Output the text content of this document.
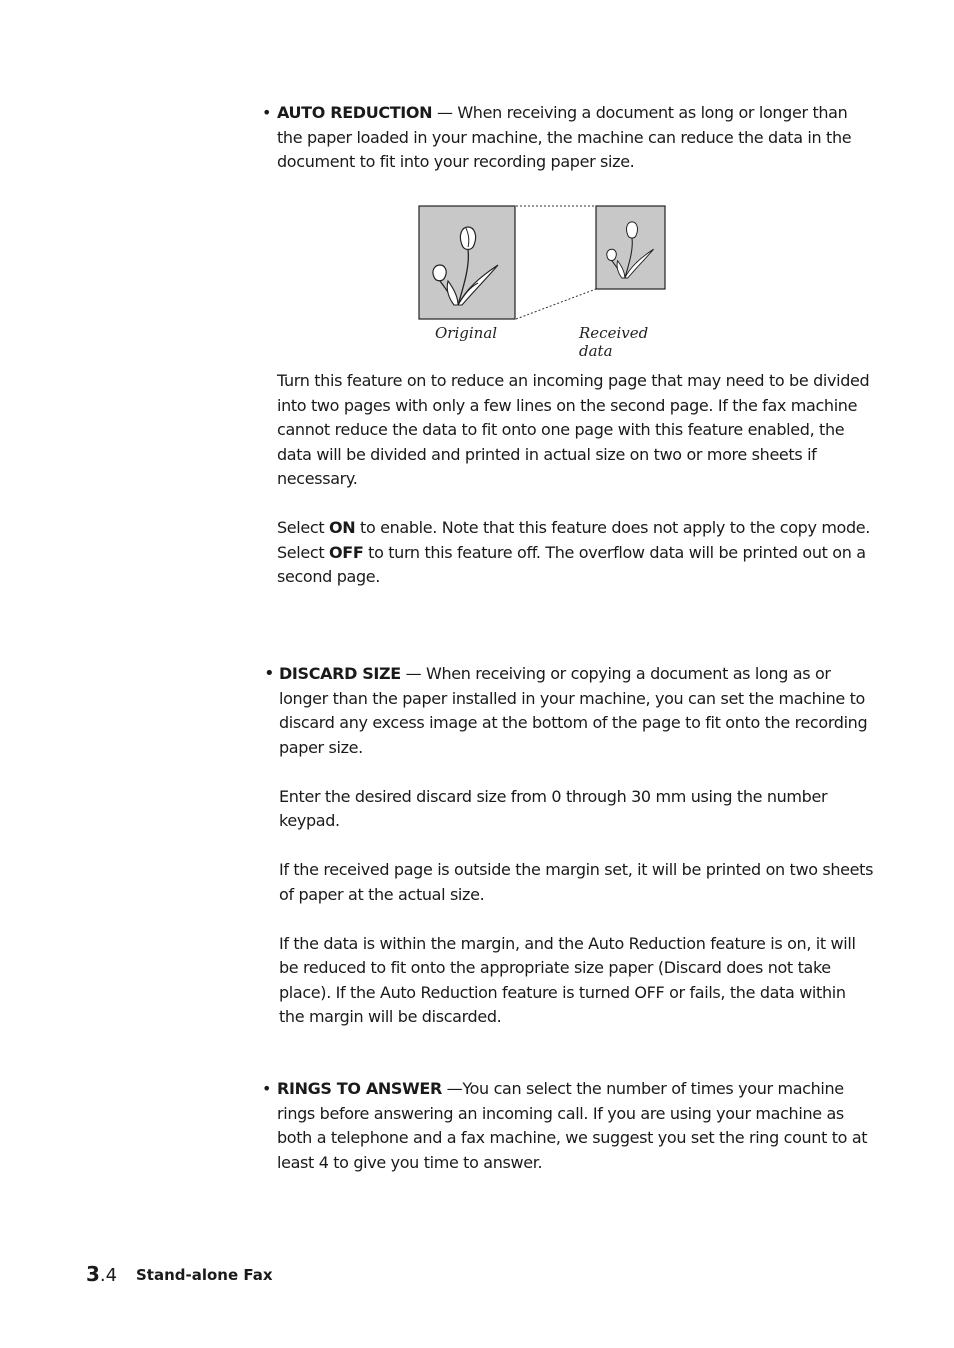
• AUTO REDUCTION — When receiving a document as long or longer than the paper loaded in your machine, the machine can reduce the data in the document to fit into your recording paper size.

Original	Received data

Turn this feature on to reduce an incoming page that may need to be divided into two pages with only a few lines on the second page. If the fax machine cannot reduce the data to fit onto one page with this feature enabled, the data will be divided and printed in actual size on two or more sheets if necessary.

Select ON to enable. Note that this feature does not apply to the copy mode.

Select OFF to turn this feature off. The overflow data will be printed out on a second page.

• DISCARD SIZE — When receiving or copying a document as long as or longer than the paper installed in your machine, you can set the machine to discard any excess image at the bottom of the page to fit onto the recording paper size.

Enter the desired discard size from 0 through 30 mm using the number keypad.

If the received page is outside the margin set, it will be printed on two sheets of paper at the actual size.

If the data is within the margin, and the Auto Reduction feature is on, it will be reduced to fit onto the appropriate size paper (Discard does not take place). If the Auto Reduction feature is turned OFF or fails, the data within the margin will be discarded.

• RINGS TO ANSWER —You can select the number of times your machine rings before answering an incoming call. If you are using your machine as both a telephone and a fax machine, we suggest you set the ring count to at least 4 to give you time to answer.

3.4 Stand-alone Fax
